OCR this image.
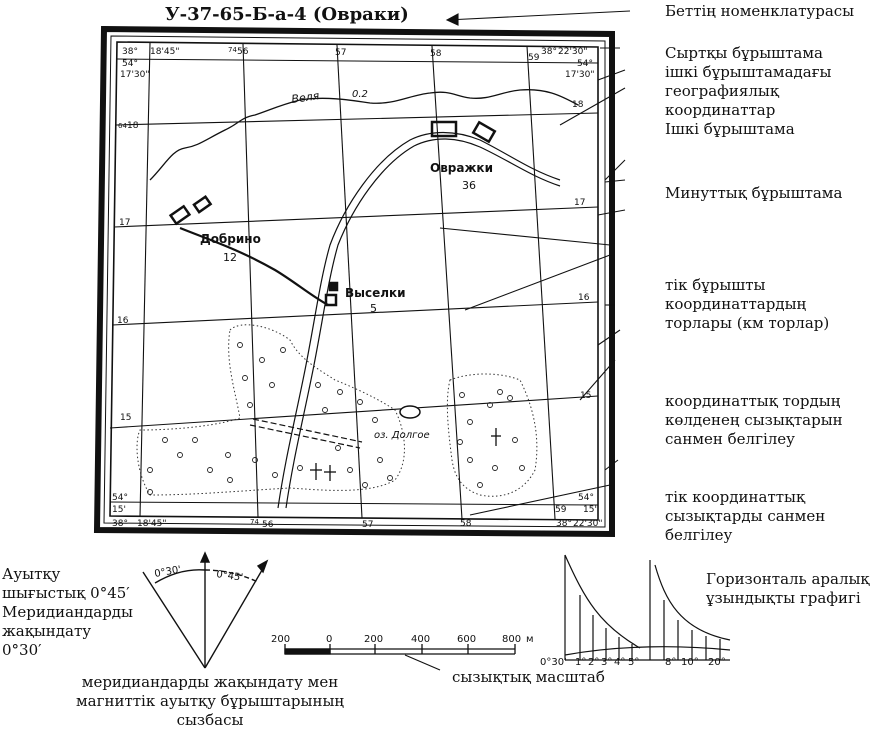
У-37-65-Б-а-4 (Овраки)
38° 18'45"
54°
17'30"
38° 22'30"
54°
17'30"
54°
15'
38° 18'45"
54°
15'
38° 22'30"
74 56	57	58	59
74 56	57	58
59
64 18
17
16
15
18
17
16
15
Веля	0.2
Овражки
36
Добрино
12
Выселки
5
оз. Долгое
0°30'	0°45'
200	0	200	400	600	800 м
0°30' 1° 2° 3° 4° 5°	8° 10° 20°
Беттің номенклатурасы
Сыртқы бұрыштама
ішкі бұрыштамадағы
географиялық
координаттар
Ішкі бұрыштама
Минуттық бұрыштама
тік бұрышты
координаттардың
торлары (км торлар)
координаттық тордың
көлденең сызықтарын
санмен белгілеу
тік координаттық
сызықтарды санмен
белгілеу
Ауытқу
шығыстық 0°45′
Меридиандарды
жақындату
0°30′
меридиандарды жақындату мен
магниттік ауытқу бұрыштарының
сызбасы
сызықтық масштаб
Горизонталь аралық
ұзындықты графигі
